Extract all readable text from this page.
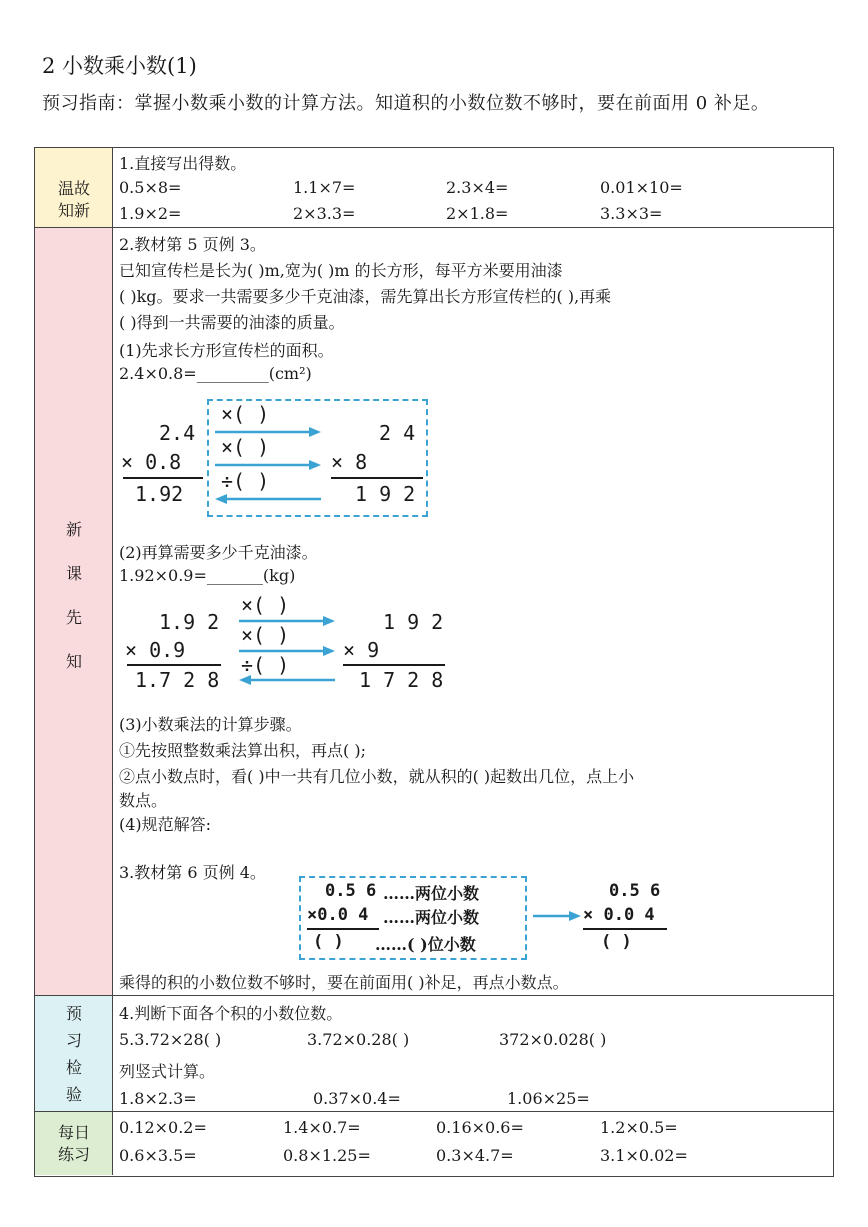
2 小数乘小数(1)
预习指南：掌握小数乘小数的计算方法。知道积的小数位数不够时，要在前面用 0 补足。
温故
知新
1.直接写出得数。
0.5×8=	1.1×7=	2.3×4=	0.01×10=
1.9×2=	2×3.3=	2×1.8=	3.3×3=
新
课
先
知
2.教材第 5 页例 3。
已知宣传栏是长为( )m,宽为( )m 的长方形，每平方米要用油漆
( )kg。要求一共需要多少千克油漆，需先算出长方形宣传栏的( ),再乘
( )得到一共需要的油漆的质量。
(1)先求长方形宣传栏的面积。
2.4×0.8=_________(cm²)
2.4
× 0.8
1.92
×( )
×( )
÷( )
2 4
× 8
1 9 2
(2)再算需要多少千克油漆。
1.92×0.9=_______(kg)
1.9 2
× 0.9
1.7 2 8
×( )
×( )
÷( )
1 9 2
× 9
1 7 2 8
(3)小数乘法的计算步骤。
①先按照整数乘法算出积，再点( );
②点小数点时，看( )中一共有几位小数，就从积的( )起数出几位，点上小
数点。
(4)规范解答:
3.教材第 6 页例 4。
0.5 6 ……两位小数
×0.0 4 ……两位小数
( ) ……( )位小数
0.5 6
× 0.0 4
( )
乘得的积的小数位数不够时，要在前面用( )补足，再点小数点。
预
习
检
验
4.判断下面各个积的小数位数。
5.3.72×28( )	3.72×0.28( )	372×0.028( )
列竖式计算。
1.8×2.3=	0.37×0.4=	1.06×25=
每日
练习
0.12×0.2=	1.4×0.7=	0.16×0.6=	1.2×0.5=
0.6×3.5=	0.8×1.25=	0.3×4.7=	3.1×0.02=
